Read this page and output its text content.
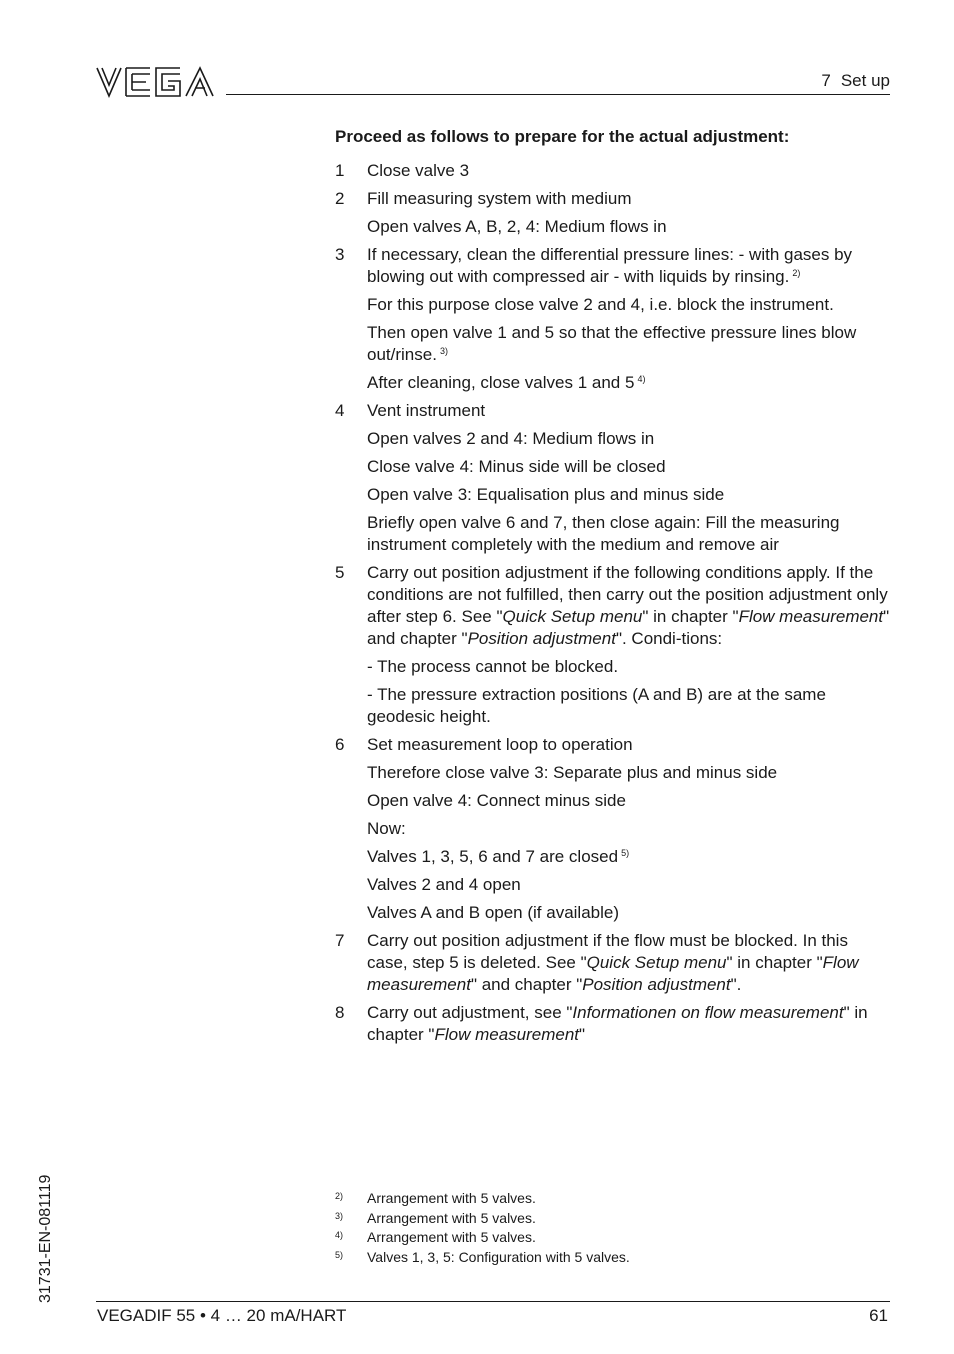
7 Set up
Proceed as follows to prepare for the actual adjustment:
1	Close valve 3
2	Fill measuring system with medium
Open valves A, B, 2, 4: Medium flows in
3	If necessary, clean the differential pressure lines: - with gases by blowing out with compressed air - with liquids by rinsing. $^{2)}$
For this purpose close valve 2 and 4, i.e. block the instrument.
Then open valve 1 and 5 so that the effective pressure lines blow out/rinse. $^{3)}$
After cleaning, close valves 1 and 5 $^{4)}$
4	Vent instrument
Open valves 2 and 4: Medium flows in
Close valve 4: Minus side will be closed
Open valve 3: Equalisation plus and minus side
Briefly open valve 6 and 7, then close again: Fill the measuring instrument completely with the medium and remove air
5	Carry out position adjustment if the following conditions apply. If the conditions are not fulfilled, then carry out the position adjustment only after step 6. See "Quick Setup menu" in chapter "Flow measurement" and chapter "Position adjustment". Condi-tions:
- The process cannot be blocked.
- The pressure extraction positions (A and B) are at the same geodesic height.
6	Set measurement loop to operation
Therefore close valve 3: Separate plus and minus side
Open valve 4: Connect minus side
Now:
Valves 1, 3, 5, 6 and 7 are closed $^{5)}$
Valves 2 and 4 open
Valves A and B open (if available)
7	Carry out position adjustment if the flow must be blocked. In this case, step 5 is deleted. See "Quick Setup menu" in chapter "Flow measurement" and chapter "Position adjustment".
8	Carry out adjustment, see "Informationen on flow measurement" in chapter "Flow measurement"
2)	Arrangement with 5 valves.
3)	Arrangement with 5 valves.
4)	Arrangement with 5 valves.
5)	Valves 1, 3, 5: Configuration with 5 valves.
31731-EN-081119
VEGADIF 55 • 4 … 20 mA/HART	61
